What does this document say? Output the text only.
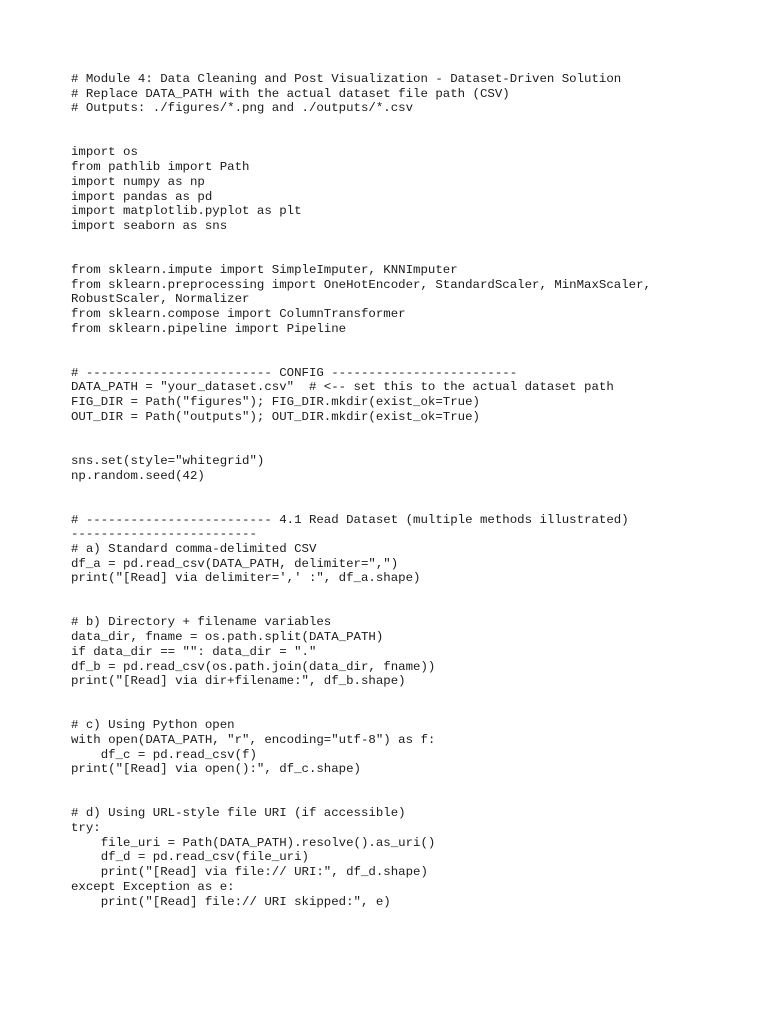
# Module 4: Data Cleaning and Post Visualization - Dataset-Driven Solution
# Replace DATA_PATH with the actual dataset file path (CSV)
# Outputs: ./figures/*.png and ./outputs/*.csv
import os
from pathlib import Path
import numpy as np
import pandas as pd
import matplotlib.pyplot as plt
import seaborn as sns
from sklearn.impute import SimpleImputer, KNNImputer
from sklearn.preprocessing import OneHotEncoder, StandardScaler, MinMaxScaler,
RobustScaler, Normalizer
from sklearn.compose import ColumnTransformer
from sklearn.pipeline import Pipeline
# ------------------------- CONFIG -------------------------
DATA_PATH = "your_dataset.csv"  # <-- set this to the actual dataset path
FIG_DIR = Path("figures"); FIG_DIR.mkdir(exist_ok=True)
OUT_DIR = Path("outputs"); OUT_DIR.mkdir(exist_ok=True)
sns.set(style="whitegrid")
np.random.seed(42)
# ------------------------- 4.1 Read Dataset (multiple methods illustrated)
-------------------------
# a) Standard comma-delimited CSV
df_a = pd.read_csv(DATA_PATH, delimiter=",")
print("[Read] via delimiter=',' :", df_a.shape)
# b) Directory + filename variables
data_dir, fname = os.path.split(DATA_PATH)
if data_dir == "": data_dir = "."
df_b = pd.read_csv(os.path.join(data_dir, fname))
print("[Read] via dir+filename:", df_b.shape)
# c) Using Python open
with open(DATA_PATH, "r", encoding="utf-8") as f:
df_c = pd.read_csv(f)
print("[Read] via open():", df_c.shape)
# d) Using URL-style file URI (if accessible)
try:
file_uri = Path(DATA_PATH).resolve().as_uri()
df_d = pd.read_csv(file_uri)
print("[Read] via file:// URI:", df_d.shape)
except Exception as e:
print("[Read] file:// URI skipped:", e)
